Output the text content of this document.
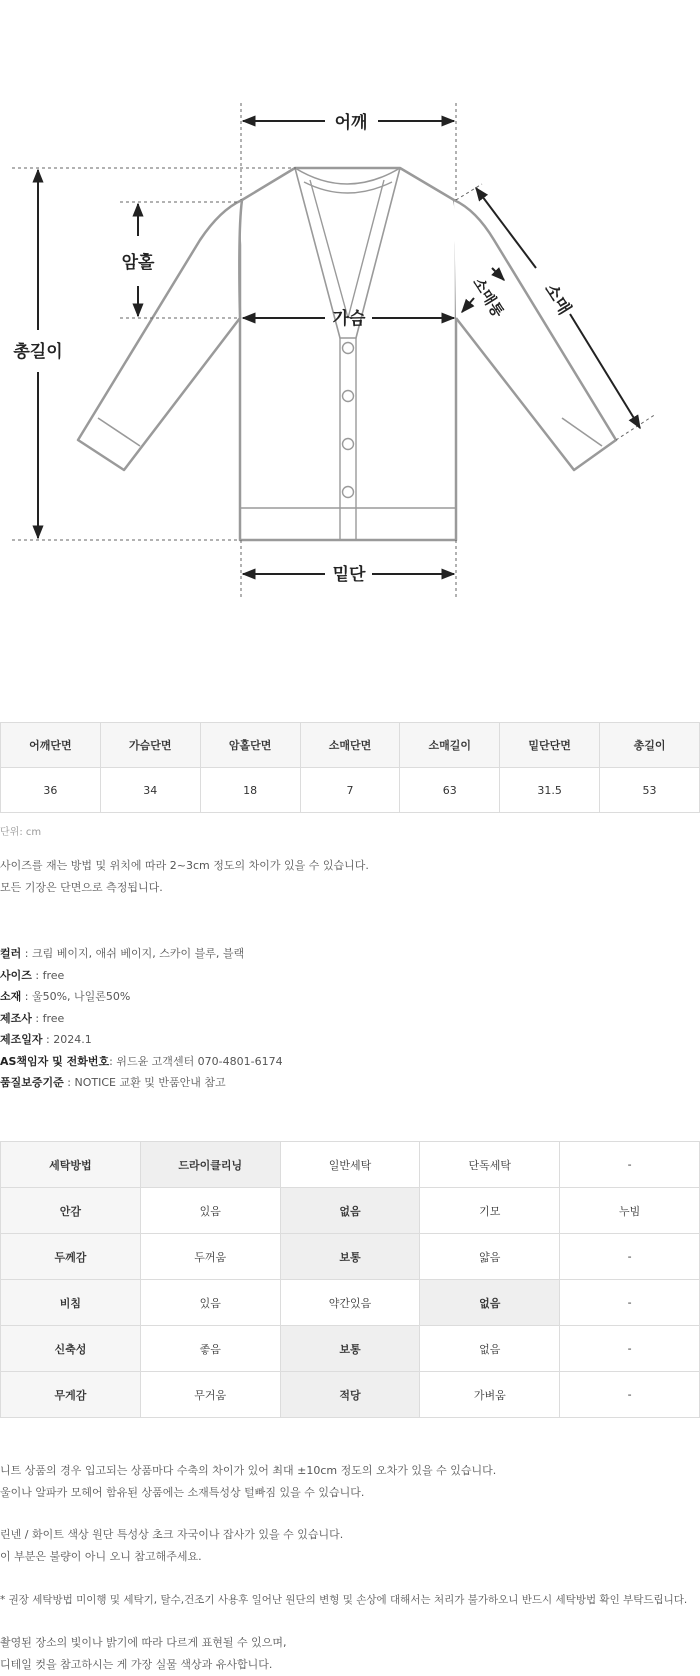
어깨
암홀
가슴
총길이
밑단
소매
소매통
어깨단면	가슴단면	암홀단면	소매단면	소매길이	밑단단면	총길이
36	34	18	7	63	31.5	53
단위: cm
사이즈를 재는 방법 및 위치에 따라 2~3cm 정도의 차이가 있을 수 있습니다.
모든 기장은 단면으로 측정됩니다.
컬러 : 크림 베이지, 애쉬 베이지, 스카이 블루, 블랙
사이즈 : free
소재 : 울50%, 나일론50%
제조사 : free
제조일자 : 2024.1
AS책임자 및 전화번호: 위드윤 고객센터 070-4801-6174
품질보증기준 : NOTICE 교환 및 반품안내 참고
세탁방법	드라이클리닝	일반세탁	단독세탁	-
안감	있음	없음	기모	누빔
두께감	두꺼움	보통	얇음	-
비침	있음	약간있음	없음	-
신축성	좋음	보통	없음	-
무게감	무거움	적당	가벼움	-
니트 상품의 경우 입고되는 상품마다 수축의 차이가 있어 최대 ±10cm 정도의 오차가 있을 수 있습니다.
울이나 알파카 모헤어 함유된 상품에는 소재특성상 털빠짐 있을 수 있습니다.
린넨 / 화이트 색상 원단 특성상 초크 자국이나 잡사가 있을 수 있습니다.
이 부분은 불량이 아니 오니 참고해주세요.
* 권장 세탁방법 미이행 및 세탁기, 탈수,건조기 사용후 일어난 원단의 변형 및 손상에 대해서는 처리가 불가하오니 반드시 세탁방법 확인 부탁드립니다.
촬영된 장소의 빛이나 밝기에 따라 다르게 표현될 수 있으며,
디테일 컷을 참고하시는 게 가장 실물 색상과 유사합니다.
